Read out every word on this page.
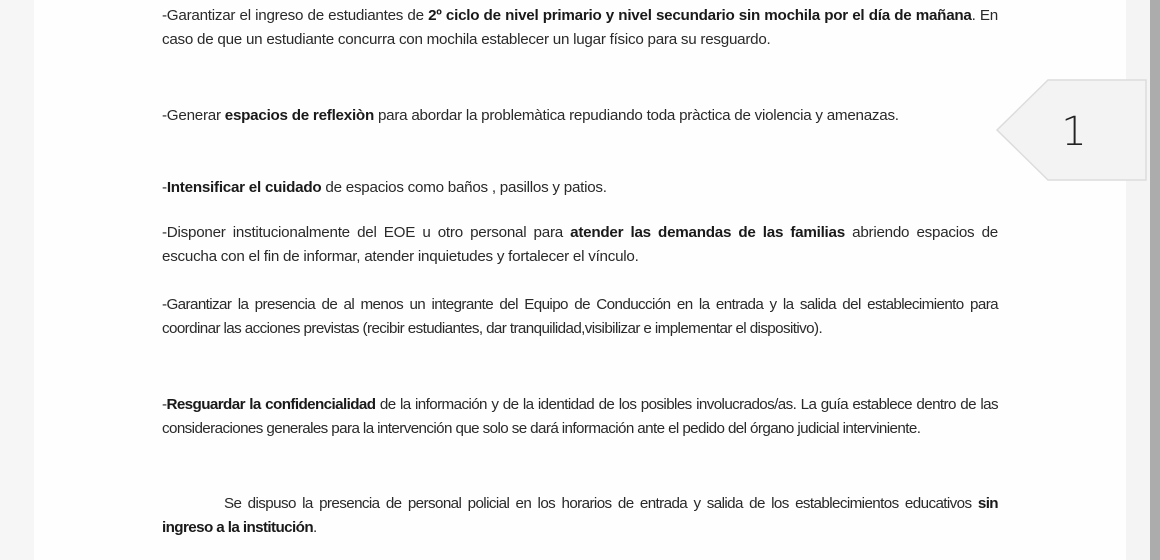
-Garantizar el ingreso de estudiantes de 2º ciclo de nivel primario y nivel secundario sin mochila por el día de mañana. En caso de que un estudiante concurra con mochila establecer un lugar físico para su resguardo.

-Generar espacios de reflexiòn para abordar la problemàtica repudiando toda pràctica de violencia y amenazas.

-Intensificar el cuidado de espacios como baños , pasillos y patios.

-Disponer institucionalmente del EOE u otro personal para atender las demandas de las familias abriendo espacios de escucha con el fin de informar, atender inquietudes y fortalecer el vínculo.

-Garantizar la presencia de al menos un integrante del Equipo de Conducción en la entrada y la salida del establecimiento para coordinar las acciones previstas (recibir estudiantes, dar tranquilidad,visibilizar e implementar el dispositivo).

-Resguardar la confidencialidad de la información y de la identidad de los posibles involucrados/as. La guía establece dentro de las consideraciones generales para la intervención que solo se dará información ante el pedido del órgano judicial interviniente.

Se dispuso la presencia de personal policial en los horarios de entrada y salida de los establecimientos educativos sin ingreso a la institución.

1
